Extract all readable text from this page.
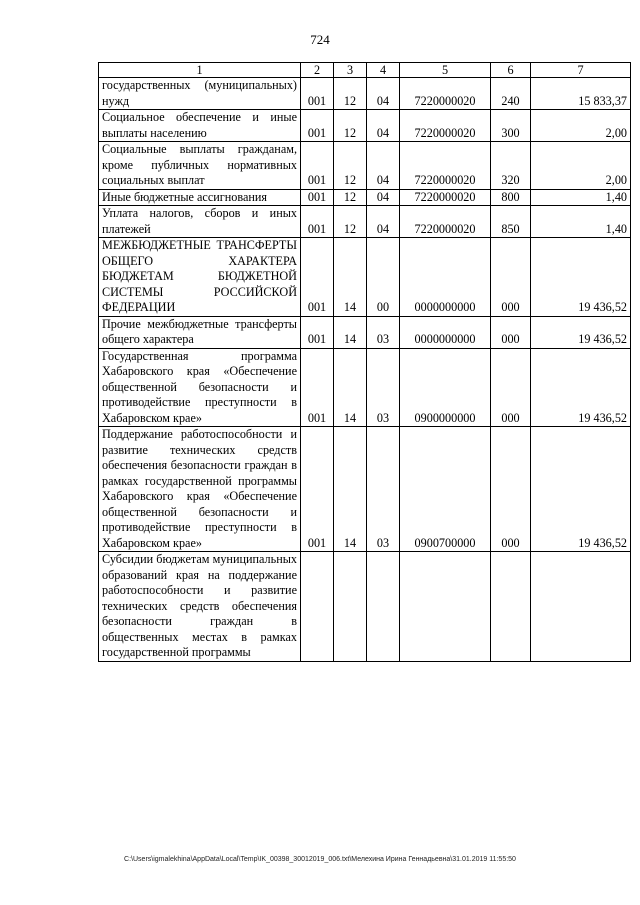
724
1	2	3	4	5	6	7
государственных (муниципальных) нужд	001	12	04	7220000020	240	15 833,37
Социальное обеспечение и иные выплаты населению	001	12	04	7220000020	300	2,00
Социальные выплаты гражданам, кроме публичных нормативных социальных выплат	001	12	04	7220000020	320	2,00
Иные бюджетные ассигнования	001	12	04	7220000020	800	1,40
Уплата налогов, сборов и иных платежей	001	12	04	7220000020	850	1,40
МЕЖБЮДЖЕТНЫЕ ТРАНСФЕРТЫ ОБЩЕГО ХАРАКТЕРА БЮДЖЕТАМ БЮДЖЕТНОЙ СИСТЕМЫ РОССИЙСКОЙ ФЕДЕРАЦИИ	001	14	00	0000000000	000	19 436,52
Прочие межбюджетные трансферты общего характера	001	14	03	0000000000	000	19 436,52
Государственная программа Хабаровского края «Обеспечение общественной безопасности и противодействие преступности в Хабаровском крае»	001	14	03	0900000000	000	19 436,52
Поддержание работоспособности и развитие технических средств обеспечения безопасности граждан в рамках государственной программы Хабаровского края «Обеспечение общественной безопасности и противодействие преступности в Хабаровском крае»	001	14	03	0900700000	000	19 436,52
Субсидии бюджетам муниципальных образований края на поддержание работоспособности и развитие технических средств обеспечения безопасности граждан в общественных местах в рамках государственной программы						
C:\Users\igmalekhina\AppData\Local\Temp\IK_00398_30012019_006.txt\Мелехина Ирина Геннадьевна\31.01.2019 11:55:50
